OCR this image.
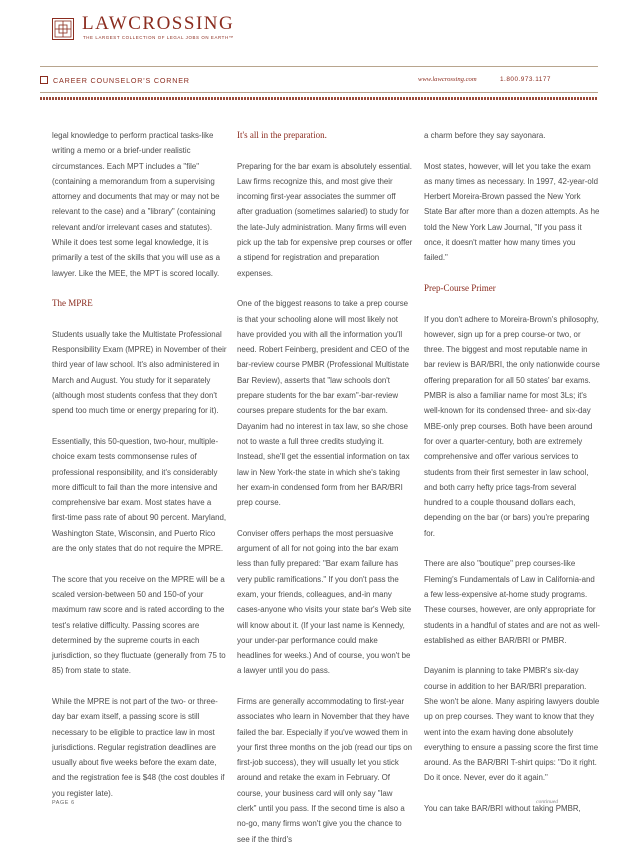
LAWCROSSING
THE LARGEST COLLECTION OF LEGAL JOBS ON EARTH™
CAREER COUNSELOR'S CORNER	www.lawcrossing.com	1.800.973.1177

legal knowledge to perform practical tasks-like writing a memo or a brief-under realistic circumstances. Each MPT includes a "file" (containing a memorandum from a supervising attorney and documents that may or may not be relevant to the case) and a "library" (containing relevant and/or irrelevant cases and statutes). While it does test some legal knowledge, it is primarily a test of the skills that you will use as a lawyer. Like the MEE, the MPT is scored locally.

The MPRE

Students usually take the Multistate Professional Responsibility Exam (MPRE) in November of their third year of law school. It's also administered in March and August. You study for it separately (although most students confess that they don't spend too much time or energy preparing for it).

Essentially, this 50-question, two-hour, multiple-choice exam tests commonsense rules of professional responsibility, and it's considerably more difficult to fail than the more intensive and comprehensive bar exam. Most states have a first-time pass rate of about 90 percent. Maryland, Washington State, Wisconsin, and Puerto Rico are the only states that do not require the MPRE.

The score that you receive on the MPRE will be a scaled version-between 50 and 150-of your maximum raw score and is rated according to the test's relative difficulty. Passing scores are determined by the supreme courts in each jurisdiction, so they fluctuate (generally from 75 to 85) from state to state.

While the MPRE is not part of the two- or three-day bar exam itself, a passing score is still necessary to be eligible to practice law in most jurisdictions. Regular registration deadlines are usually about five weeks before the exam date, and the registration fee is $48 (the cost doubles if you register late).

It's all in the preparation.

Preparing for the bar exam is absolutely essential. Law firms recognize this, and most give their incoming first-year associates the summer off after graduation (sometimes salaried) to study for the late-July administration. Many firms will even pick up the tab for expensive prep courses or offer a stipend for registration and preparation expenses.

One of the biggest reasons to take a prep course is that your schooling alone will most likely not have provided you with all the information you'll need. Robert Feinberg, president and CEO of the bar-review course PMBR (Professional Multistate Bar Review), asserts that "law schools don't prepare students for the bar exam"-bar-review courses prepare students for the bar exam. Dayanim had no interest in tax law, so she chose not to waste a full three credits studying it. Instead, she'll get the essential information on tax law in New York-the state in which she's taking her exam-in condensed form from her BAR/BRI prep course.

Conviser offers perhaps the most persuasive argument of all for not going into the bar exam less than fully prepared: "Bar exam failure has very public ramifications." If you don't pass the exam, your friends, colleagues, and-in many cases-anyone who visits your state bar's Web site will know about it. (If your last name is Kennedy, your under-par performance could make headlines for weeks.) And of course, you won't be a lawyer until you do pass.

Firms are generally accommodating to first-year associates who learn in November that they have failed the bar. Especially if you've wowed them in your first three months on the job (read our tips on first-job success), they will usually let you stick around and retake the exam in February. Of course, your business card will only say "law clerk" until you pass. If the second time is also a no-go, many firms won't give you the chance to see if the third's

a charm before they say sayonara.

Most states, however, will let you take the exam as many times as necessary. In 1997, 42-year-old Herbert Moreira-Brown passed the New York State Bar after more than a dozen attempts. As he told the New York Law Journal, "If you pass it once, it doesn't matter how many times you failed."

Prep-Course Primer

If you don't adhere to Moreira-Brown's philosophy, however, sign up for a prep course-or two, or three. The biggest and most reputable name in bar review is BAR/BRI, the only nationwide course offering preparation for all 50 states' bar exams. PMBR is also a familiar name for most 3Ls; it's well-known for its condensed three- and six-day MBE-only prep courses. Both have been around for over a quarter-century, both are extremely comprehensive and offer various services to students from their first semester in law school, and both carry hefty price tags-from several hundred to a couple thousand dollars each, depending on the bar (or bars) you're preparing for.

There are also "boutique" prep courses-like Fleming's Fundamentals of Law in California-and a few less-expensive at-home study programs. These courses, however, are only appropriate for students in a handful of states and are not as well-established as either BAR/BRI or PMBR.

Dayanim is planning to take PMBR's six-day course in addition to her BAR/BRI preparation. She won't be alone. Many aspiring lawyers double up on prep courses. They want to know that they went into the exam having done absolutely everything to ensure a passing score the first time around. As the BAR/BRI T-shirt quips: "Do it right. Do it once. Never, ever do it again."

You can take BAR/BRI without taking PMBR,

PAGE 6	continued
